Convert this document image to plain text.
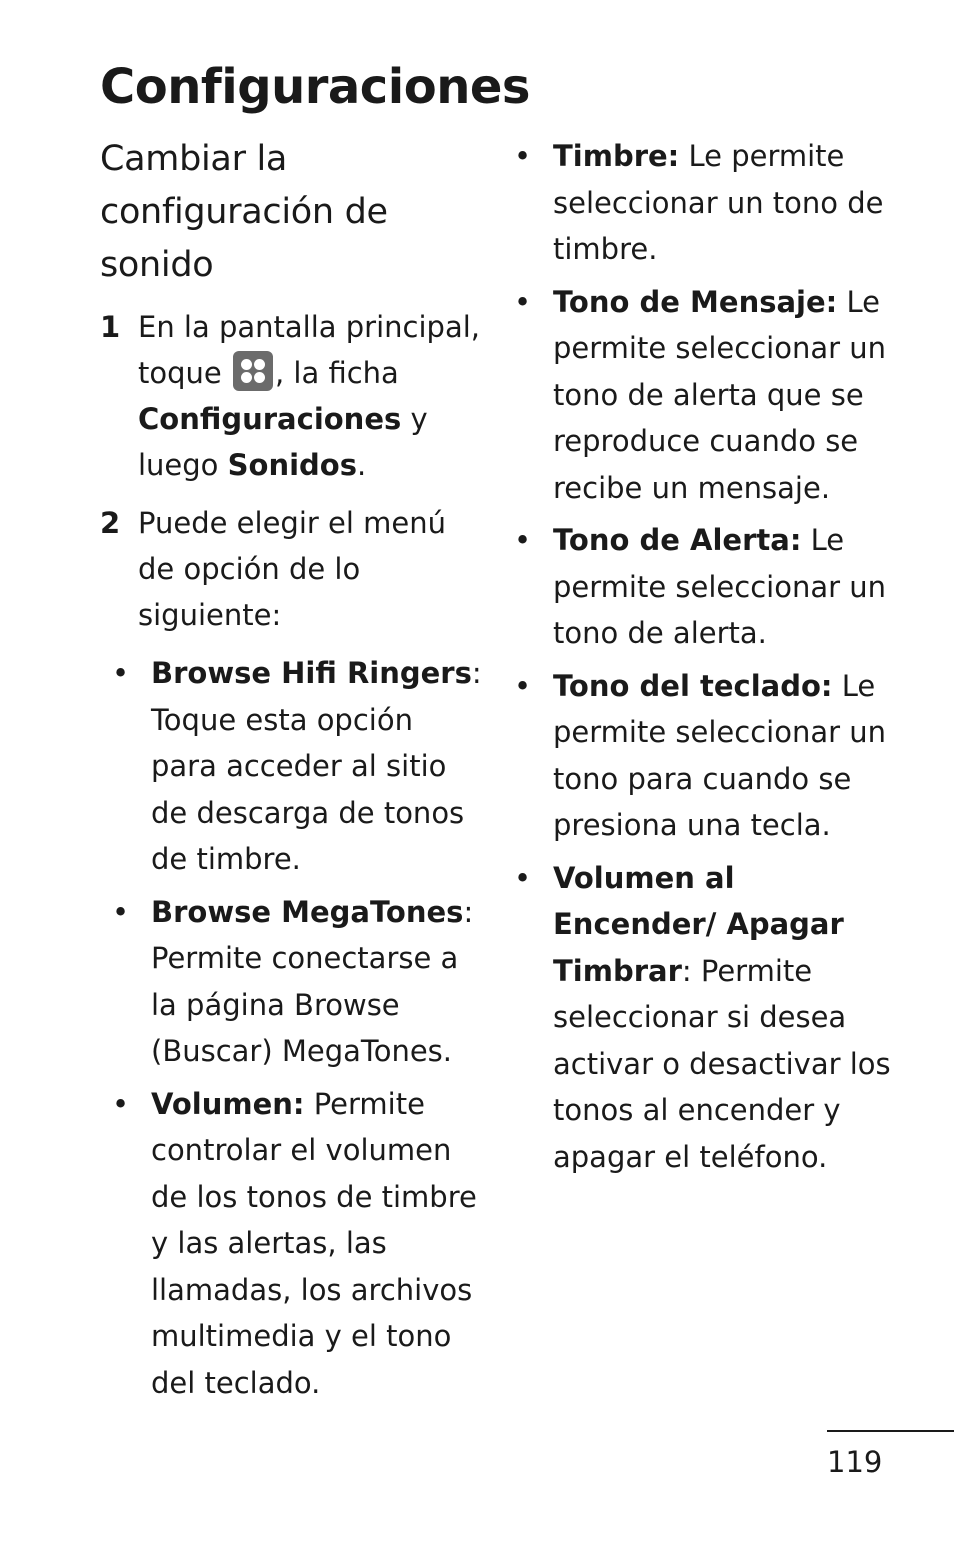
Configuraciones
Cambiar la configuración de sonido
1 En la pantalla principal, toque
, la ficha Configuraciones y luego Sonidos.
2 Puede elegir el menú de opción de lo siguiente:
• Browse Hifi Ringers: Toque esta opción para acceder al sitio de descarga de tonos de timbre.
• Browse MegaTones: Permite conectarse a la página Browse (Buscar) MegaTones.
• Volumen: Permite controlar el volumen de los tonos de timbre y las alertas, las llamadas, los archivos multimedia y el tono del teclado.
• Timbre: Le permite seleccionar un tono de timbre.
• Tono de Mensaje: Le permite seleccionar un tono de alerta que se reproduce cuando se recibe un mensaje.
• Tono de Alerta: Le permite seleccionar un tono de alerta.
• Tono del teclado: Le permite seleccionar un tono para cuando se presiona una tecla.
• Volumen al Encender/ Apagar Timbrar: Permite seleccionar si desea activar o desactivar los tonos al encender y apagar el teléfono.
119
